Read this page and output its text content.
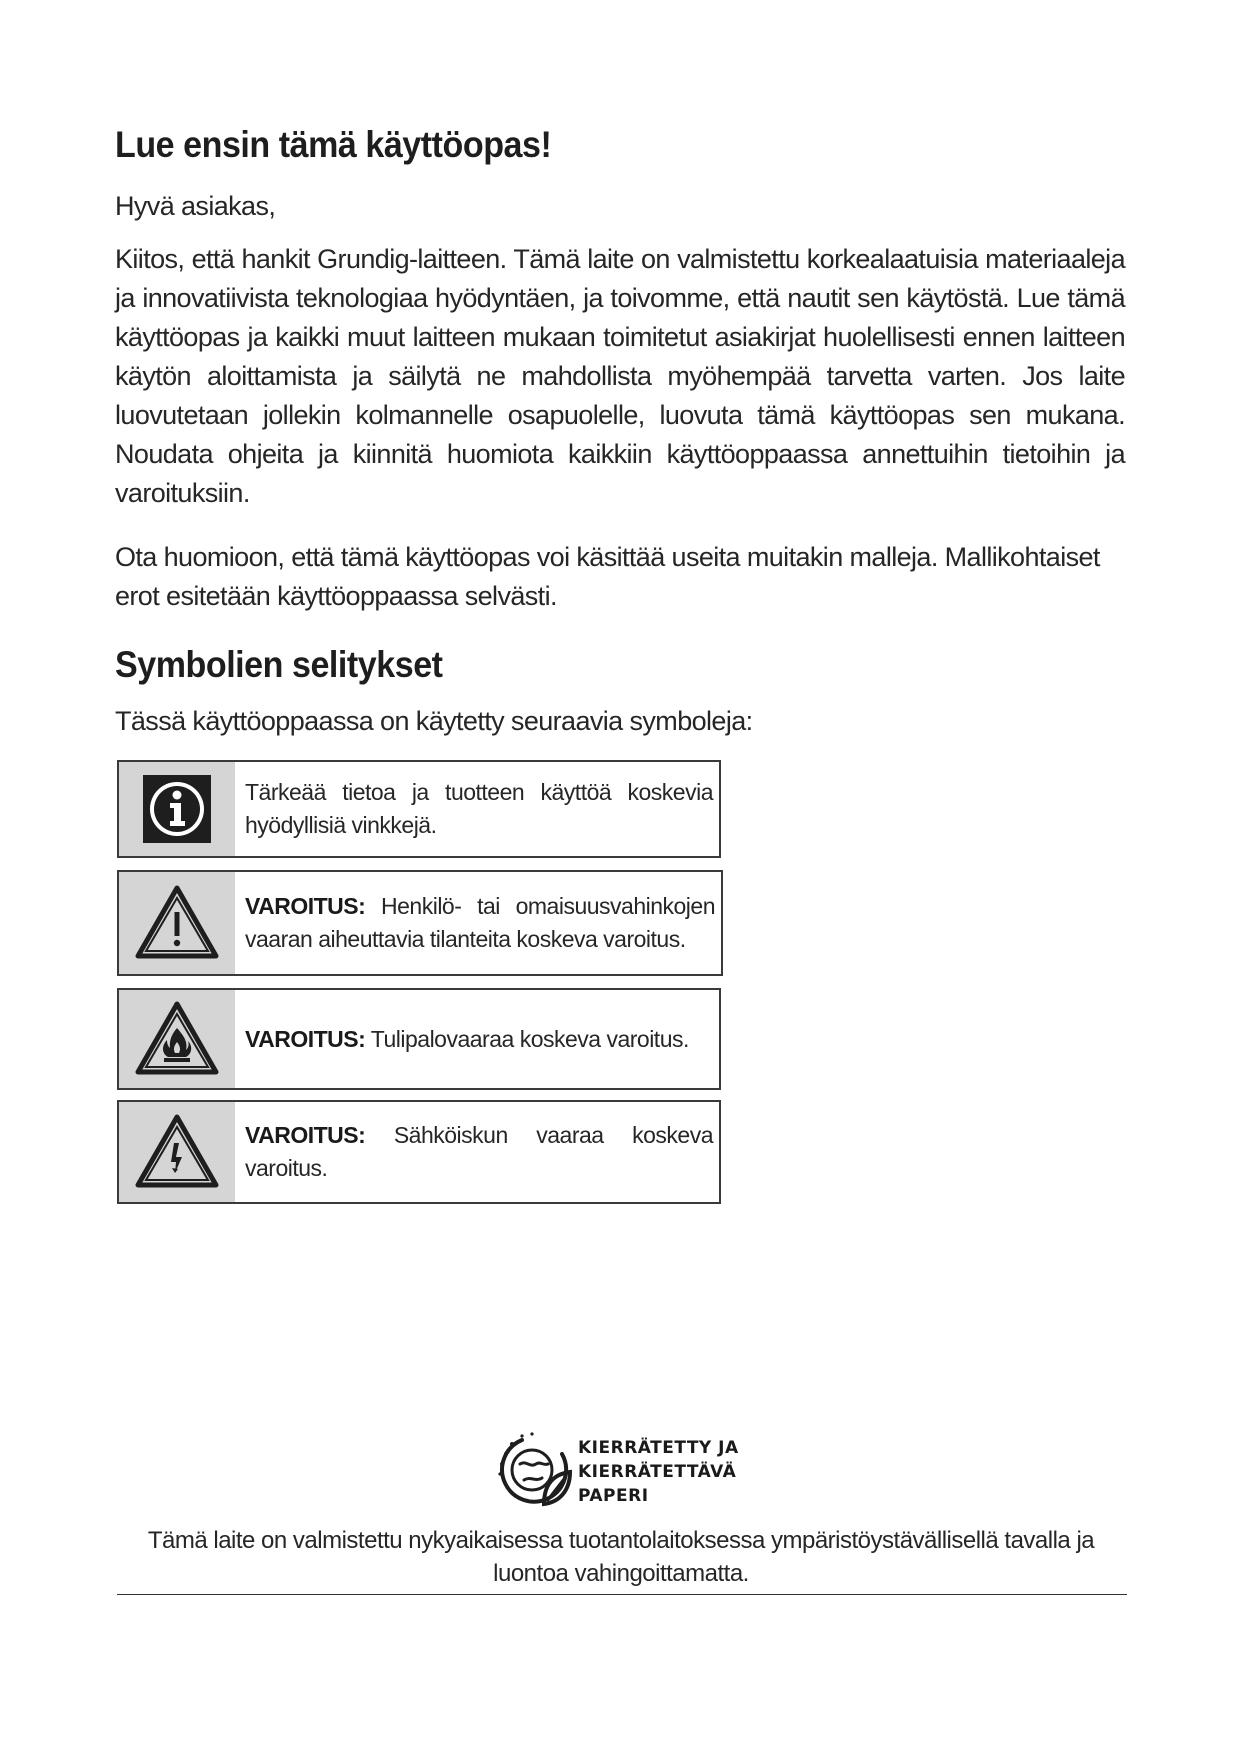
Lue ensin tämä käyttöopas!

Hyvä asiakas,

Kiitos, että hankit Grundig-laitteen. Tämä laite on valmistettu korkealaatuisia materiaaleja ja innovatiivista teknologiaa hyödyntäen, ja toivomme, että nautit sen käytöstä. Lue tämä käyttöopas ja kaikki muut laitteen mukaan toimitetut asiakirjat huolellisesti ennen laitteen käytön aloittamista ja säilytä ne mahdollista myöhempää tarvetta varten. Jos laite luovutetaan jollekin kolmannelle osapuolelle, luovuta tämä käyttöopas sen mukana. Noudata ohjeita ja kiinnitä huomiota kaikkiin käyttöoppaassa annettuihin tietoihin ja varoituksiin.

Ota huomioon, että tämä käyttöopas voi käsittää useita muitakin malleja. Mallikohtaiset erot esitetään käyttöoppaassa selvästi.

Symbolien selitykset

Tässä käyttöoppaassa on käytetty seuraavia symboleja:

Tärkeää tietoa ja tuotteen käyttöä koskevia hyödyllisiä vinkkejä.
VAROITUS: Henkilö- tai omaisuusvahinkojen vaaran aiheuttavia tilanteita koskeva varoitus.
VAROITUS: Tulipalovaaraa koskeva varoitus.
VAROITUS: Sähköiskun vaaraa koskeva varoitus.
KIERRÄTETTY JA
KIERRÄTETTÄVÄ
PAPERI
Tämä laite on valmistettu nykyaikaisessa tuotantolaitoksessa ympäristöystävällisellä tavalla ja luontoa vahingoittamatta.
